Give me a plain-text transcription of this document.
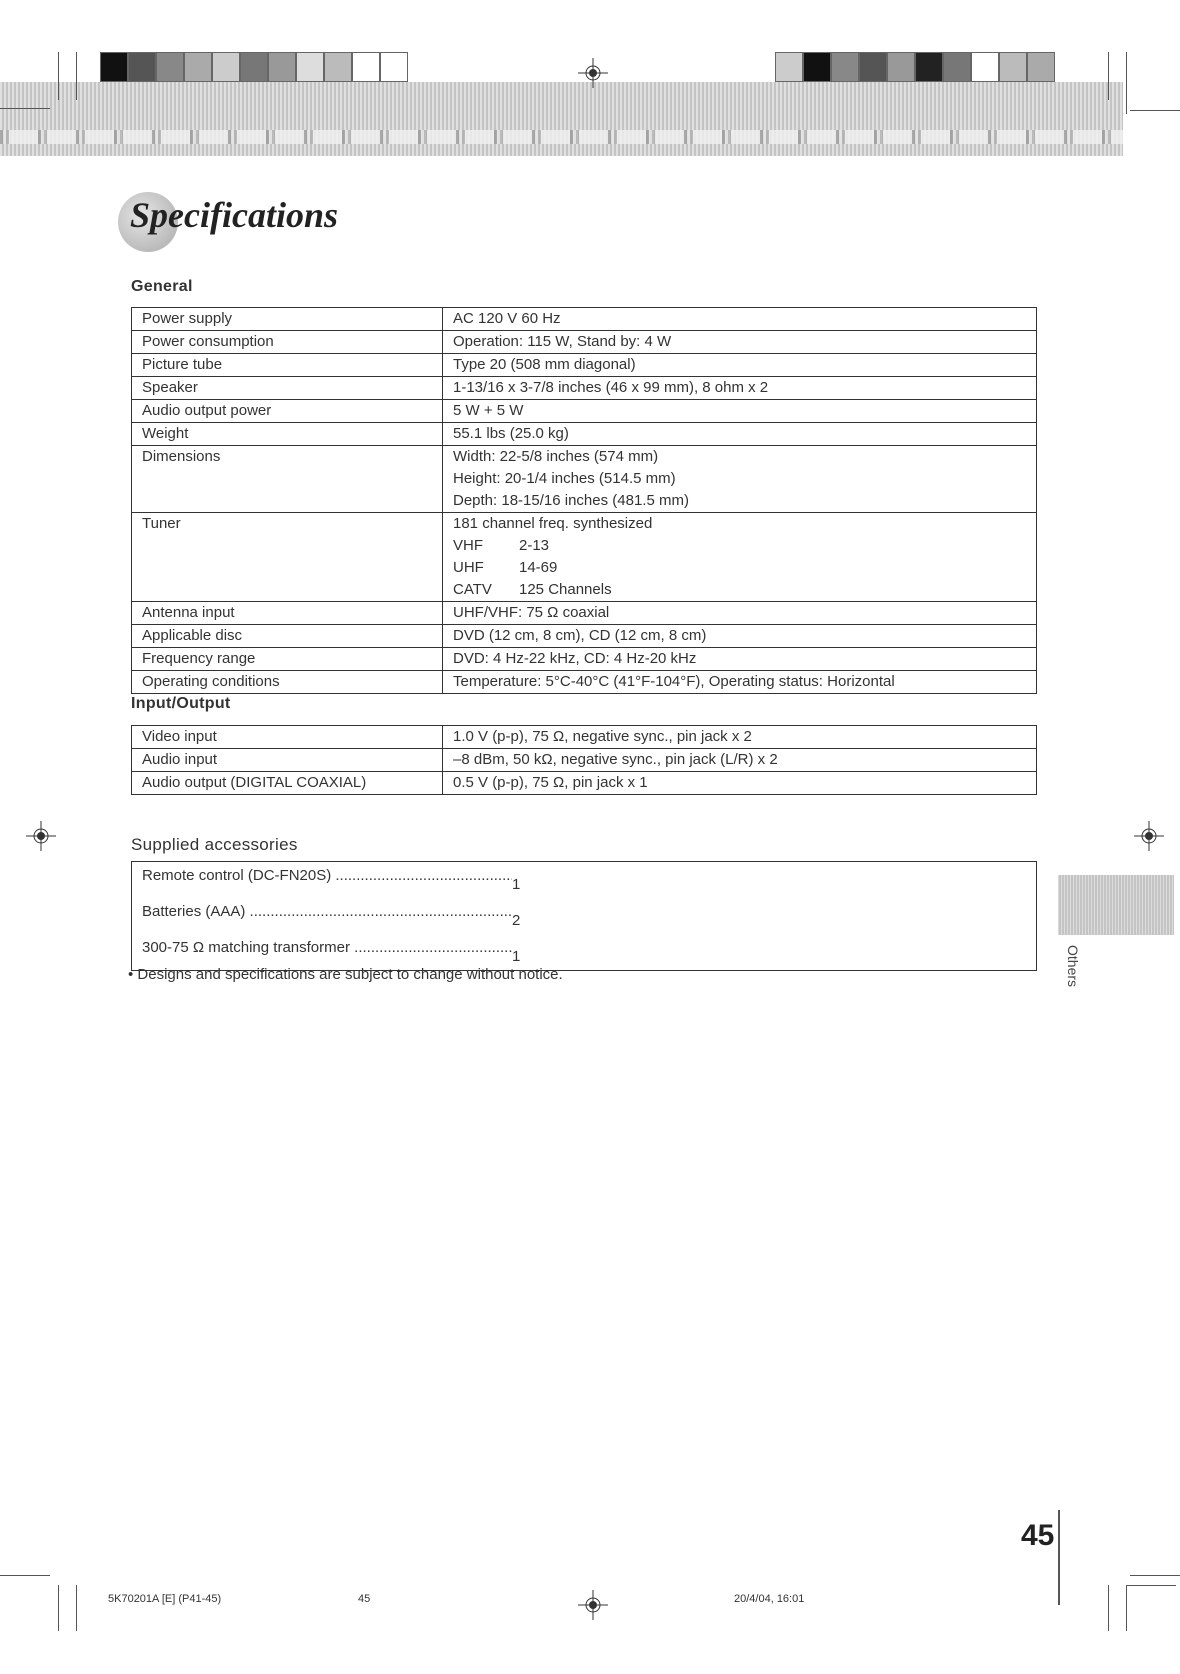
Specifications
General
Power supply	AC 120 V 60 Hz

Power consumption	Operation: 115 W, Stand by: 4 W

Picture tube	Type 20 (508 mm diagonal)

Speaker	1-13/16 x 3-7/8 inches (46 x 99 mm), 8 ohm x 2

Audio output power	5 W + 5 W

Weight	55.1 lbs (25.0 kg)

Dimensions	Width: 22-5/8 inches (574 mm)
Height: 20-1/4 inches (514.5 mm)
Depth: 18-15/16 inches (481.5 mm)

Tuner	181 channel freq. synthesized
VHF 2-13
UHF 14-69
CATV 125 Channels

Antenna input	UHF/VHF: 75 Ω coaxial

Applicable disc	DVD (12 cm, 8 cm), CD (12 cm, 8 cm)

Frequency range	DVD: 4 Hz-22 kHz, CD: 4 Hz-20 kHz

Operating conditions	Temperature: 5°C-40°C (41°F-104°F), Operating status: Horizontal
Input/Output
Video input	1.0 V (p-p), 75 Ω, negative sync., pin jack x 2
Audio input	–8 dBm, 50 kΩ, negative sync., pin jack (L/R) x 2
Audio output (DIGITAL COAXIAL)	0.5 V (p-p), 75 Ω, pin jack x 1
Supplied accessories
Remote control (DC-FN20S) .....1
Batteries (AAA) .....2
300-75 Ω matching transformer .....1

• Designs and specifications are subject to change without notice.	Others

45

5K70201A [E] (P41-45)	45	20/4/04, 16:01
